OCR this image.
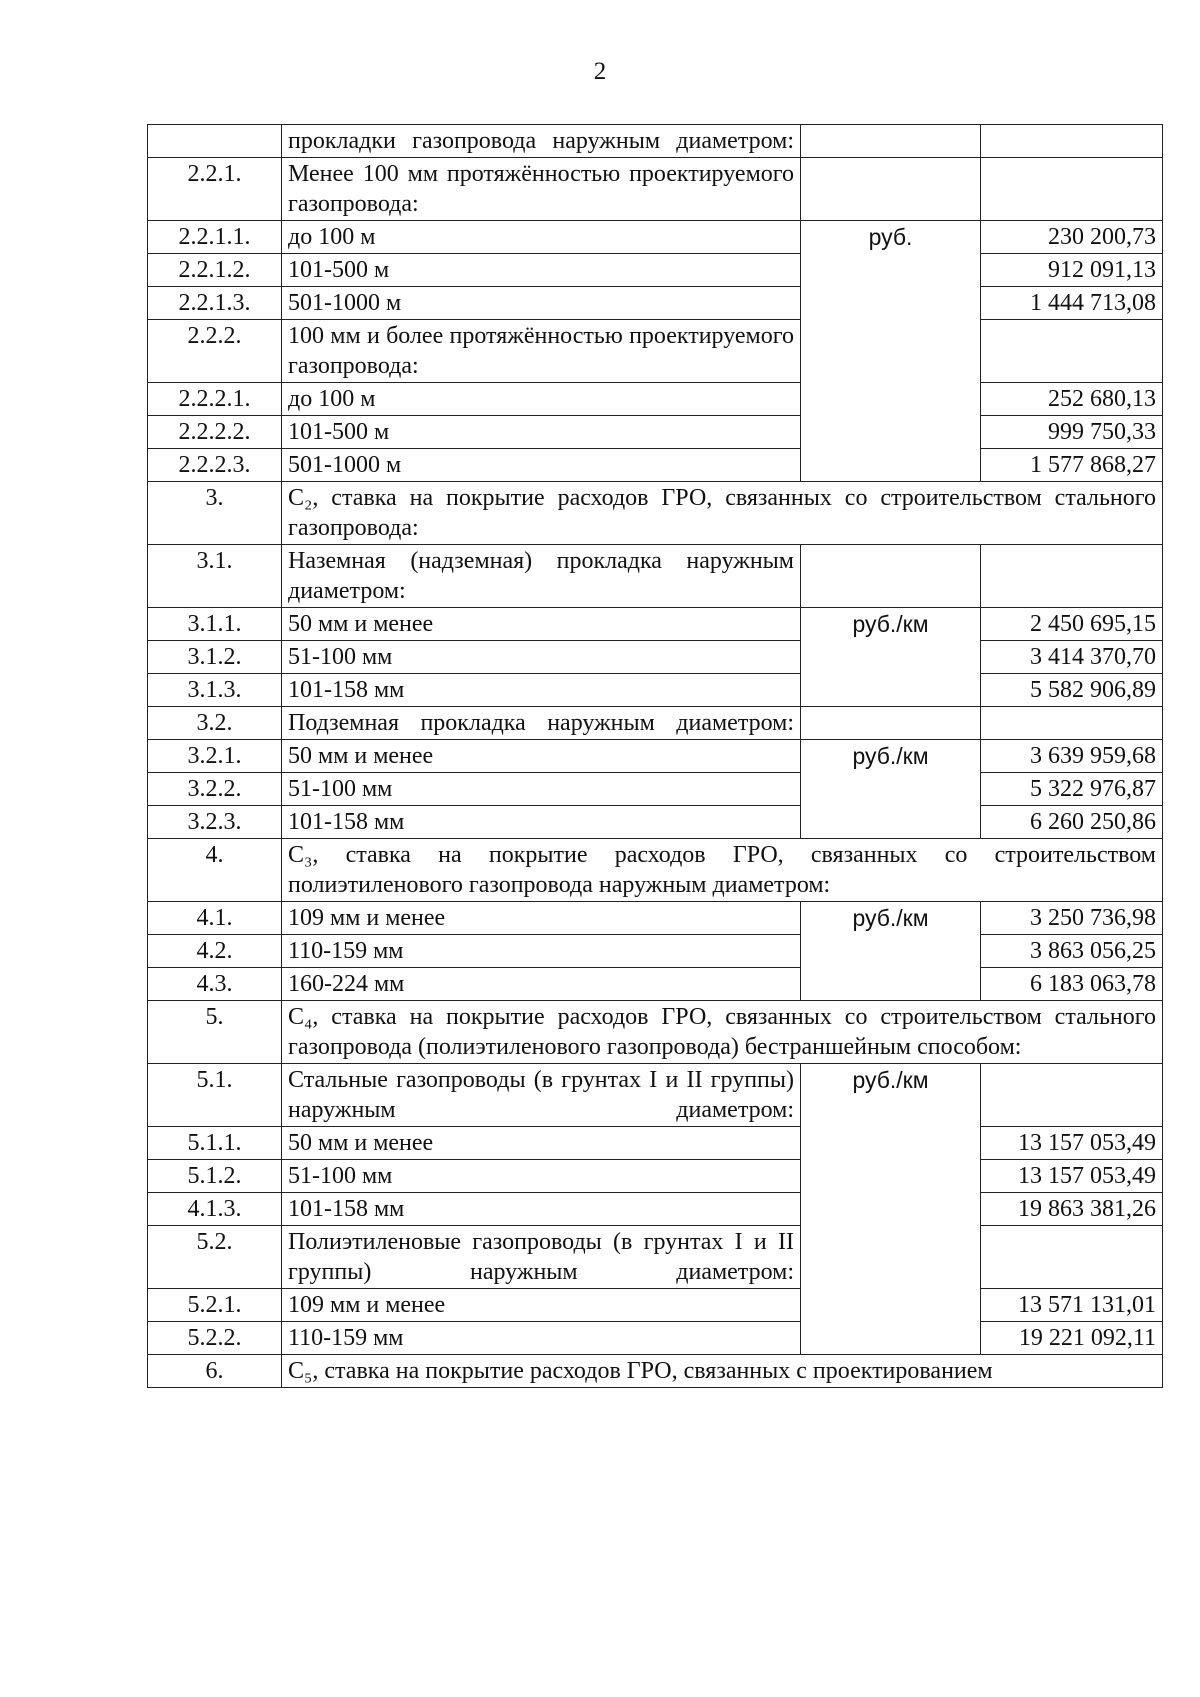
2
	прокладки газопровода наружным диаметром:		
2.2.1.	Менее 100 мм протяжённостью проектируемого газопровода:		
2.2.1.1.	до 100 м	руб.	230 200,73
2.2.1.2.	101-500 м		912 091,13
2.2.1.3.	501-1000 м		1 444 713,08
2.2.2.	100 мм и более протяжённостью проектируемого газопровода:		
2.2.2.1.	до 100 м		252 680,13
2.2.2.2.	101-500 м		999 750,33
2.2.2.3.	501-1000 м		1 577 868,27
3.	C₂, ставка на покрытие расходов ГРО, связанных со строительством стального газопровода:		
3.1.	Наземная (надземная) прокладка наружным диаметром:		
3.1.1.	50 мм и менее	руб./км	2 450 695,15
3.1.2.	51-100 мм		3 414 370,70
3.1.3.	101-158 мм		5 582 906,89
3.2.	Подземная прокладка наружным диаметром:		
3.2.1.	50 мм и менее	руб./км	3 639 959,68
3.2.2.	51-100 мм		5 322 976,87
3.2.3.	101-158 мм		6 260 250,86
4.	C₃, ставка на покрытие расходов ГРО, связанных со строительством полиэтиленового газопровода наружным диаметром:		
4.1.	109 мм и менее	руб./км	3 250 736,98
4.2.	110-159 мм		3 863 056,25
4.3.	160-224 мм		6 183 063,78
5.	C₄, ставка на покрытие расходов ГРО, связанных со строительством стального газопровода (полиэтиленового газопровода) бестраншейным способом:		
5.1.	Стальные газопроводы (в грунтах I и II группы) наружным диаметром:	руб./км	
5.1.1.	50 мм и менее		13 157 053,49
5.1.2.	51-100 мм		13 157 053,49
4.1.3.	101-158 мм		19 863 381,26
5.2.	Полиэтиленовые газопроводы (в грунтах I и II группы) наружным диаметром:		
5.2.1.	109 мм и менее		13 571 131,01
5.2.2.	110-159 мм		19 221 092,11
6.	C₅, ставка на покрытие расходов ГРО, связанных с проектированием		
